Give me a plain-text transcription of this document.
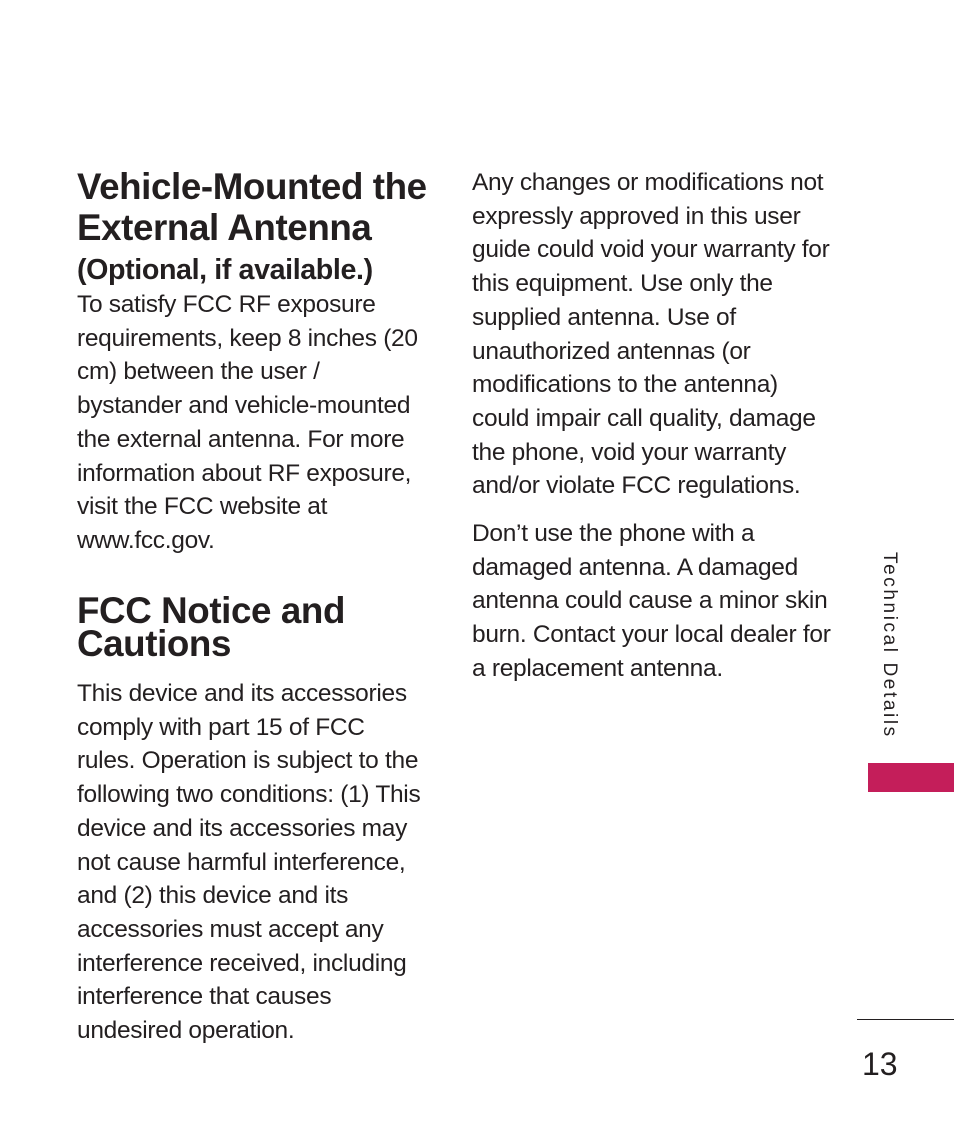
Vehicle-Mounted the External Antenna
(Optional, if available.)

To satisfy FCC RF exposure requirements, keep 8 inches (20 cm) between the user / bystander and vehicle-mounted the external antenna. For more information about RF exposure, visit the FCC website at www.fcc.gov.

FCC Notice and Cautions

This device and its accessories comply with part 15 of FCC rules. Operation is subject to the following two conditions: (1) This device and its accessories may not cause harmful interference, and (2) this device and its accessories must accept any interference received, including interference that causes undesired operation.

Any changes or modifications not expressly approved in this user guide could void your warranty for this equipment. Use only the supplied antenna. Use of unauthorized antennas (or modifications to the antenna) could impair call quality, damage the phone, void your warranty and/or violate FCC regulations.

Don’t use the phone with a damaged antenna. A damaged antenna could cause a minor skin burn. Contact your local dealer for a replacement antenna.	Technical Details
13
